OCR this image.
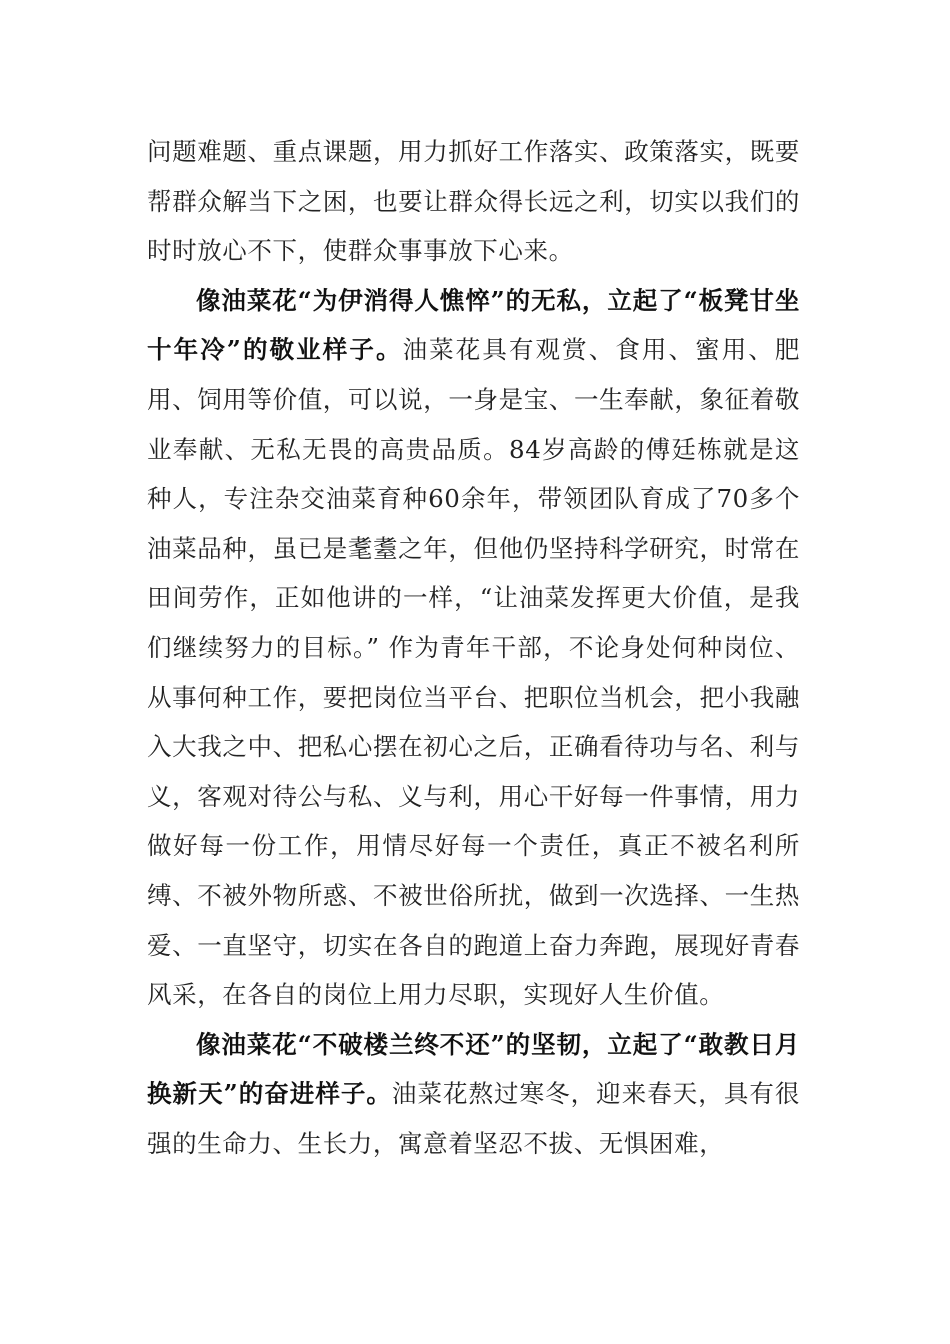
问题难题、重点课题，用力抓好工作落实、政策落实，既要帮群众解当下之困，也要让群众得长远之利，切实以我们的时时放心不下，使群众事事放下心来。

像油菜花“为伊消得人憔悴”的无私，立起了“板凳甘坐十年冷”的敬业样子。油菜花具有观赏、食用、蜜用、肥用、饲用等价值，可以说，一身是宝、一生奉献，象征着敬业奉献、无私无畏的高贵品质。84岁高龄的傅廷栋就是这种人，专注杂交油菜育种60余年，带领团队育成了70多个油菜品种，虽已是耄耋之年，但他仍坚持科学研究，时常在田间劳作，正如他讲的一样，“让油菜发挥更大价值，是我们继续努力的目标。” 作为青年干部，不论身处何种岗位、从事何种工作，要把岗位当平台、把职位当机会，把小我融入大我之中、把私心摆在初心之后，正确看待功与名、利与义，客观对待公与私、义与利，用心干好每一件事情，用力做好每一份工作，用情尽好每一个责任，真正不被名利所缚、不被外物所惑、不被世俗所扰，做到一次选择、一生热爱、一直坚守，切实在各自的跑道上奋力奔跑，展现好青春风采，在各自的岗位上用力尽职，实现好人生价值。

像油菜花“不破楼兰终不还”的坚韧，立起了“敢教日月换新天”的奋进样子。油菜花熬过寒冬，迎来春天，具有很强的生命力、生长力，寓意着坚忍不拔、无惧困难，
